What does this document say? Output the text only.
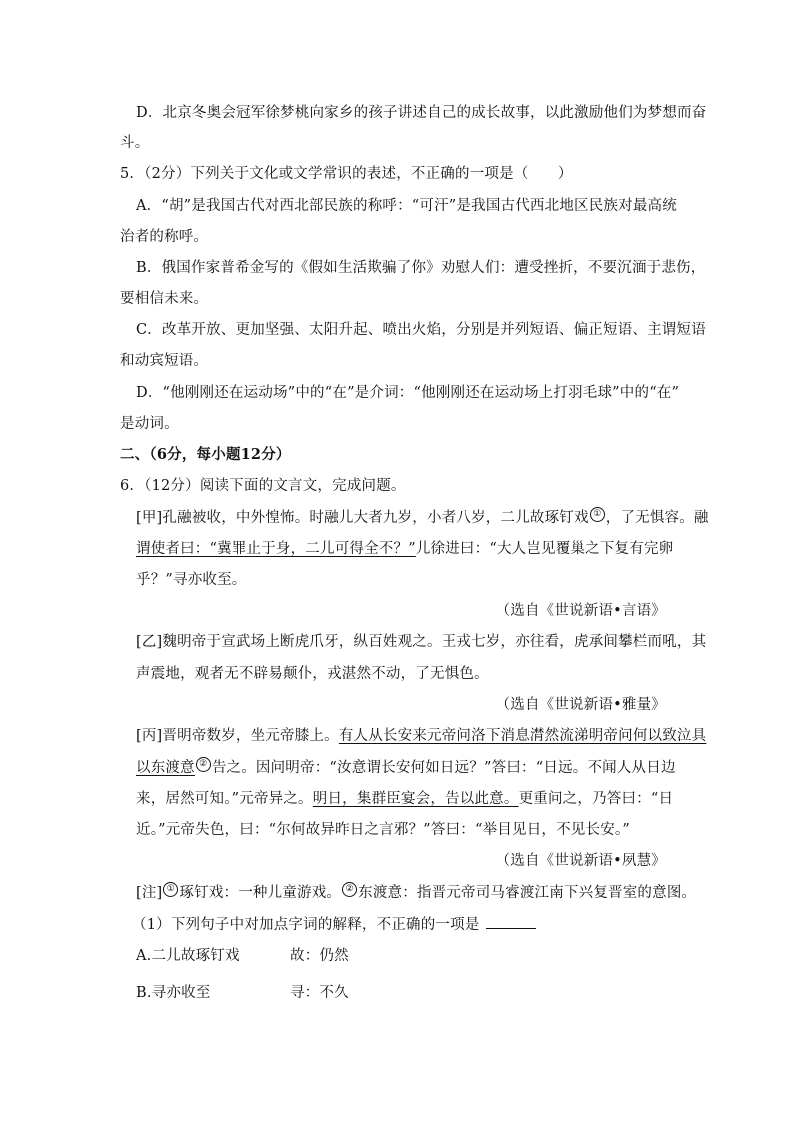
D．北京冬奥会冠军徐梦桃向家乡的孩子讲述自己的成长故事，以此激励他们为梦想而奋
斗。
5．（2分）下列关于文化或文学常识的表述，不正确的一项是（　　）
A．“胡”是我国古代对西北部民族的称呼：“可汗”是我国古代西北地区民族对最高统
治者的称呼。
B．俄国作家普希金写的《假如生活欺骗了你》劝慰人们：遭受挫折，不要沉湎于悲伤，
要相信未来。
C．改革开放、更加坚强、太阳升起、喷出火焰，分别是并列短语、偏正短语、主谓短语
和动宾短语。
D．“他刚刚还在运动场”中的“在”是介词：“他刚刚还在运动场上打羽毛球”中的“在”
是动词。
二、（6分，每小题12分）
6．（12分）阅读下面的文言文，完成问题。
[甲]孔融被收，中外惶怖。时融儿大者九岁，小者八岁，二儿故琢钉戏 ① ，了无惧容。融
谓使者曰：“冀罪止于身，二儿可得全不？”儿徐进曰：“大人岂见覆巢之下复有完卵
乎？”寻亦收至。
（选自《世说新语•言语》
[乙]魏明帝于宣武场上断虎爪牙，纵百姓观之。王戎七岁，亦往看，虎承间攀栏而吼，其
声震地，观者无不辟易颠仆，戎湛然不动，了无惧色。
（选自《世说新语•雅量》
[丙]晋明帝数岁，坐元帝膝上。有人从长安来元帝问洛下消息潸然流涕明帝问何以致泣具
以东渡意 ② 告之。因问明帝：“汝意谓长安何如日远？”答曰：“日远。不闻人从日边
来，居然可知。”元帝异之。明日，集群臣宴会，告以此意。更重问之，乃答曰：“日
近。”元帝失色，曰：“尔何故异昨日之言邪？”答曰：“举目见日，不见长安。”
（选自《世说新语•夙慧》
[注] ① 琢钉戏：一种儿童游戏。 ② 东渡意：指晋元帝司马睿渡江南下兴复晋室的意图。
（1）下列句子中对加点字词的解释，不正确的一项是
A.二儿故琢钉戏	故：仍然
B.寻亦收至	寻：不久
